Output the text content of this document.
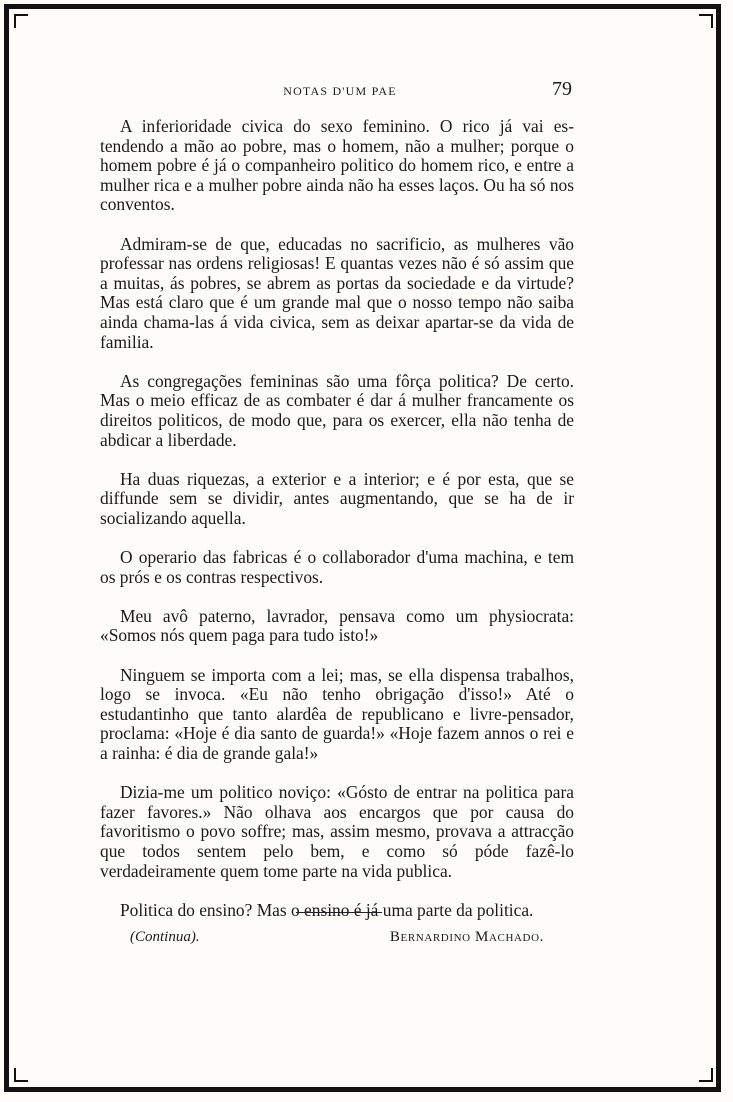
NOTAS D'UM PAE	79

A inferioridade civica do sexo feminino. O rico já vai estendendo a mão ao pobre, mas o homem, não a mulher; porque o homem pobre é já o companheiro politico do homem rico, e entre a mulher rica e a mulher pobre ainda não ha esses laços. Ou ha só nos conventos.

Admiram-se de que, educadas no sacrificio, as mulheres vão professar nas ordens religiosas! E quantas vezes não é só assim que a muitas, ás pobres, se abrem as portas da sociedade e da virtude? Mas está claro que é um grande mal que o nosso tempo não saiba ainda chama-las á vida civica, sem as deixar apartar-se da vida de familia.

As congregações femininas são uma fôrça politica? De certo. Mas o meio efficaz de as combater é dar á mulher francamente os direitos politicos, de modo que, para os exercer, ella não tenha de abdicar a liberdade.

Ha duas riquezas, a exterior e a interior; e é por esta, que se diffunde sem se dividir, antes augmentando, que se ha de ir socializando aquella.

O operario das fabricas é o collaborador d'uma machina, e tem os prós e os contras respectivos.

Meu avô paterno, lavrador, pensava como um physiocrata: «Somos nós quem paga para tudo isto!»

Ninguem se importa com a lei; mas, se ella dispensa trabalhos, logo se invoca. «Eu não tenho obrigação d'isso!» Até o estudantinho que tanto alardêa de republicano e livre-pensador, proclama: «Hoje é dia santo de guarda!» «Hoje fazem annos o rei e a rainha: é dia de grande gala!»

Dizia-me um politico noviço: «Gósto de entrar na politica para fazer favores.» Não olhava aos encargos que por causa do favoritismo o povo soffre; mas, assim mesmo, provava a attracção que todos sentem pelo bem, e como só póde fazê-lo verdadeiramente quem tome parte na vida publica.

Politica do ensino? Mas o ensino é já uma parte da politica.

(Continua).	Bernardino Machado.
